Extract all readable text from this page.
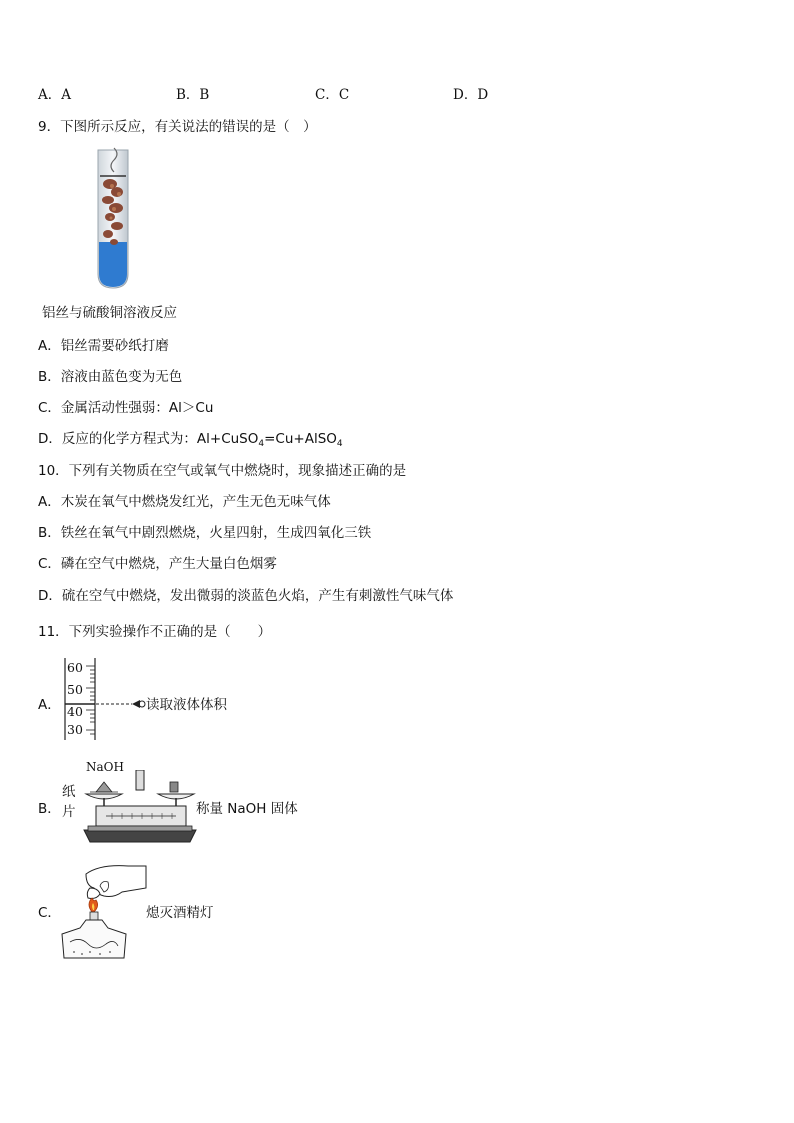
A．A	B．B	C．C	D．D
9．下图所示反应，有关说法的错误的是（　）
铝丝与硫酸铜溶液反应
A．铝丝需要砂纸打磨
B．溶液由蓝色变为无色
C．金属活动性强弱：Al＞Cu
D．反应的化学方程式为：Al+CuSO$_4$=Cu+AlSO$_4$
10．下列有关物质在空气或氧气中燃烧时，现象描述正确的是
A．木炭在氧气中燃烧发红光，产生无色无味气体
B．铁丝在氧气中剧烈燃烧，火星四射，生成四氧化三铁
C．磷在空气中燃烧，产生大量白色烟雾
D．硫在空气中燃烧，发出微弱的淡蓝色火焰，产生有刺激性气味气体
11．下列实验操作不正确的是（　　）
A．
60
50
40
30
读取液体体积
B．
NaOH
纸
片	称量 NaOH 固体
C．	熄灭酒精灯
